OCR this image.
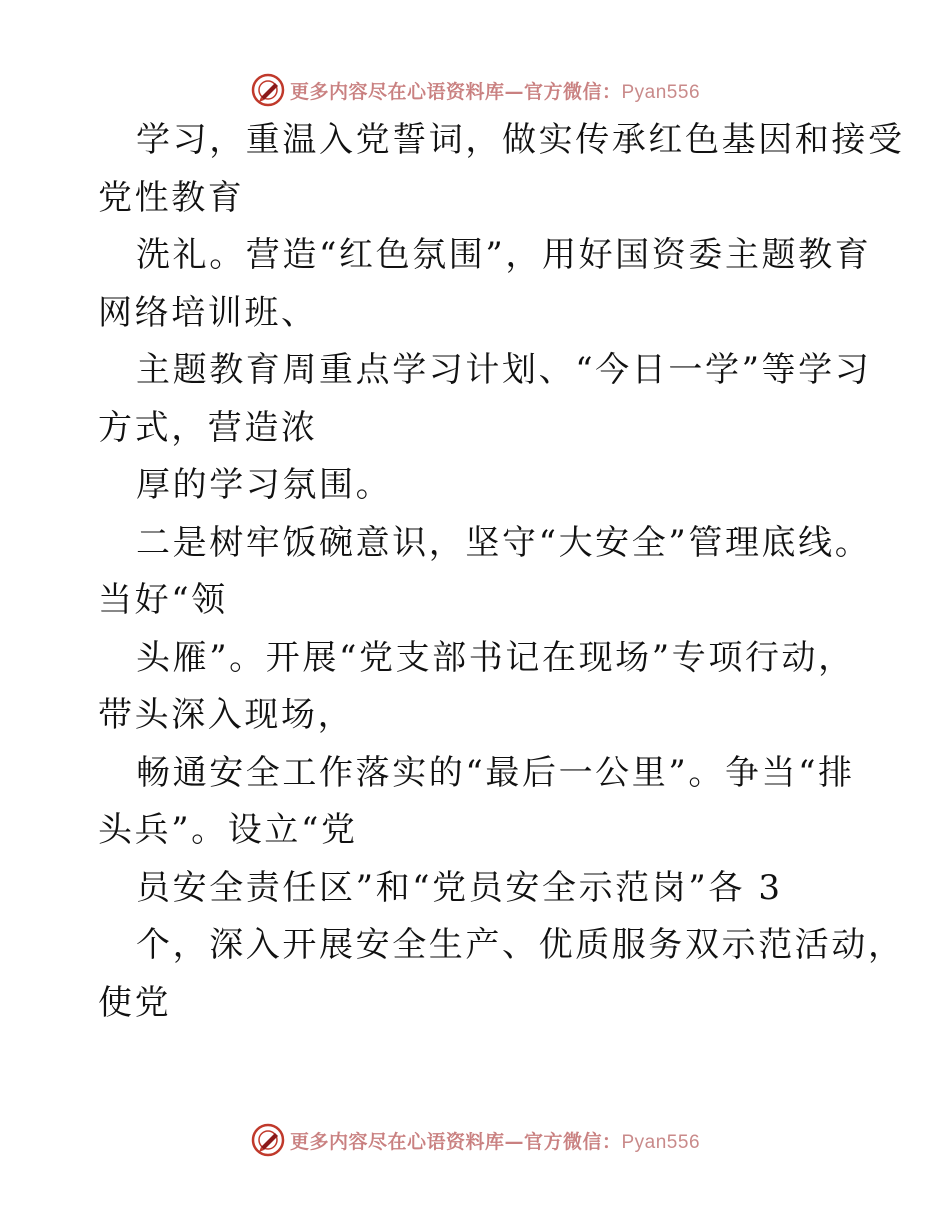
更多内容尽在心语资料库—官方微信：Pyan556
学习，重温入党誓词，做实传承红色基因和接受
党性教育
洗礼。营造“红色氛围”，用好国资委主题教育
网络培训班、
主题教育周重点学习计划、“今日一学”等学习
方式，营造浓
厚的学习氛围。
二是树牢饭碗意识，坚守“大安全”管理底线。
当好“领
头雁”。开展“党支部书记在现场”专项行动，
带头深入现场，
畅通安全工作落实的“最后一公里”。争当“排
头兵”。设立“党
员安全责任区”和“党员安全示范岗”各 3
个，深入开展安全生产、优质服务双示范活动，
使党
更多内容尽在心语资料库—官方微信：Pyan556
